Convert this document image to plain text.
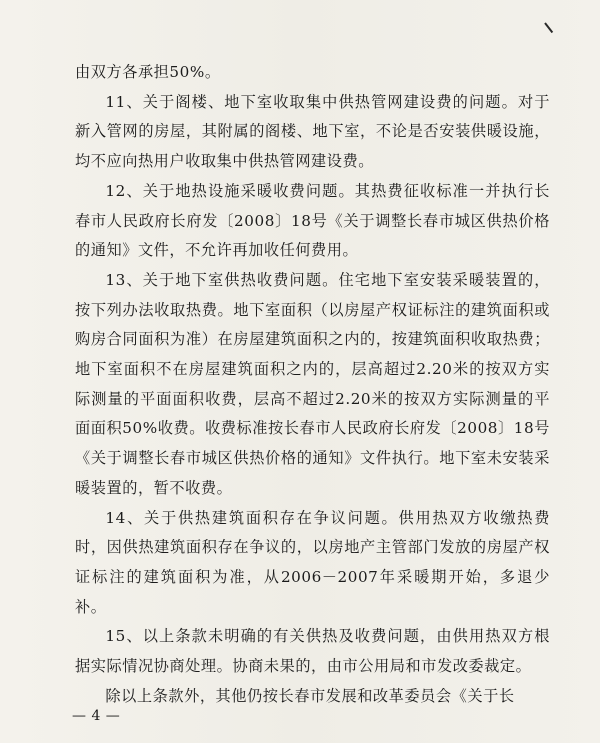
由双方各承担50%。

11、关于阁楼、地下室收取集中供热管网建设费的问题。对于新入管网的房屋，其附属的阁楼、地下室，不论是否安装供暖设施，均不应向热用户收取集中供热管网建设费。

12、关于地热设施采暖收费问题。其热费征收标准一并执行长春市人民政府长府发〔2008〕18号《关于调整长春市城区供热价格的通知》文件，不允许再加收任何费用。

13、关于地下室供热收费问题。住宅地下室安装采暖装置的，按下列办法收取热费。地下室面积（以房屋产权证标注的建筑面积或购房合同面积为准）在房屋建筑面积之内的，按建筑面积收取热费；地下室面积不在房屋建筑面积之内的，层高超过2.20米的按双方实际测量的平面面积收费，层高不超过2.20米的按双方实际测量的平面面积50%收费。收费标准按长春市人民政府长府发〔2008〕18号《关于调整长春市城区供热价格的通知》文件执行。地下室未安装采暖装置的，暂不收费。

14、关于供热建筑面积存在争议问题。供用热双方收缴热费时，因供热建筑面积存在争议的，以房地产主管部门发放的房屋产权证标注的建筑面积为准，从2006－2007年采暖期开始，多退少补。

15、以上条款未明确的有关供热及收费问题，由供用热双方根据实际情况协商处理。协商未果的，由市公用局和市发改委裁定。

除以上条款外，其他仍按长春市发展和改革委员会《关于长

— 4 —
